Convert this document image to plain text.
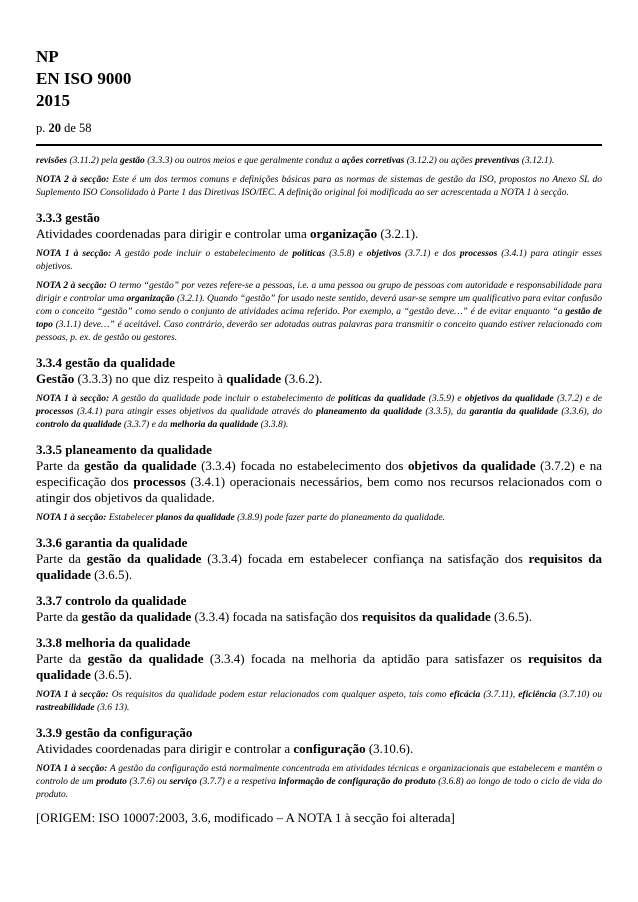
NP

EN ISO 9000

2015

p. 20 de 58

revisões (3.11.2) pela gestão (3.3.3) ou outros meios e que geralmente conduz a ações corretivas (3.12.2) ou ações preventivas (3.12.1).

NOTA 2 à secção: Este é um dos termos comuns e definições básicas para as normas de sistemas de gestão da ISO, propostos no Anexo SL do Suplemento ISO Consolidado à Parte 1 das Diretivas ISO/IEC. A definição original foi modificada ao ser acrescentada a NOTA 1 à secção.

3.3.3 gestão

Atividades coordenadas para dirigir e controlar uma organização (3.2.1).

NOTA 1 à secção: A gestão pode incluir o estabelecimento de políticas (3.5.8) e objetivos (3.7.1) e dos processos (3.4.1) para atingir esses objetivos.

NOTA 2 à secção: O termo “gestão” por vezes refere-se a pessoas, i.e. a uma pessoa ou grupo de pessoas com autoridade e responsabilidade para dirigir e controlar uma organização (3.2.1). Quando “gestão” for usado neste sentido, deverá usar-se sempre um qualificativo para evitar confusão com o conceito “gestão” como sendo o conjunto de atividades acima referido. Por exemplo, a “gestão deve…” é de evitar enquanto “a gestão de topo (3.1.1) deve…” é aceitável. Caso contrário, deverão ser adotadas outras palavras para transmitir o conceito quando estiver relacionado com pessoas, p. ex. de gestão ou gestores.

3.3.4 gestão da qualidade

Gestão (3.3.3) no que diz respeito à qualidade (3.6.2).

NOTA 1 à secção: A gestão da qualidade pode incluir o estabelecimento de políticas da qualidade (3.5.9) e objetivos da qualidade (3.7.2) e de processos (3.4.1) para atingir esses objetivos da qualidade através do planeamento da qualidade (3.3.5), da garantia da qualidade (3.3.6), do controlo da qualidade (3.3.7) e da melhoria da qualidade (3.3.8).

3.3.5 planeamento da qualidade

Parte da gestão da qualidade (3.3.4) focada no estabelecimento dos objetivos da qualidade (3.7.2) e na especificação dos processos (3.4.1) operacionais necessários, bem como nos recursos relacionados com o atingir dos objetivos da qualidade.

NOTA 1 à secção: Estabelecer planos da qualidade (3.8.9) pode fazer parte do planeamento da qualidade.

3.3.6 garantia da qualidade

Parte da gestão da qualidade (3.3.4) focada em estabelecer confiança na satisfação dos requisitos da qualidade (3.6.5).

3.3.7 controlo da qualidade

Parte da gestão da qualidade (3.3.4) focada na satisfação dos requisitos da qualidade (3.6.5).

3.3.8 melhoria da qualidade

Parte da gestão da qualidade (3.3.4) focada na melhoria da aptidão para satisfazer os requisitos da qualidade (3.6.5).

NOTA 1 à secção: Os requisitos da qualidade podem estar relacionados com qualquer aspeto, tais como eficácia (3.7.11), eficiência (3.7.10) ou rastreabilidade (3.6 13).

3.3.9 gestão da configuração

Atividades coordenadas para dirigir e controlar a configuração (3.10.6).

NOTA 1 à secção: A gestão da configuração está normalmente concentrada em atividades técnicas e organizacionais que estabelecem e mantêm o controlo de um produto (3.7.6) ou serviço (3.7.7) e a respetiva informação de configuração do produto (3.6.8) ao longo de todo o ciclo de vida do produto.

[ORIGEM: ISO 10007:2003, 3.6, modificado – A NOTA 1 à secção foi alterada]
